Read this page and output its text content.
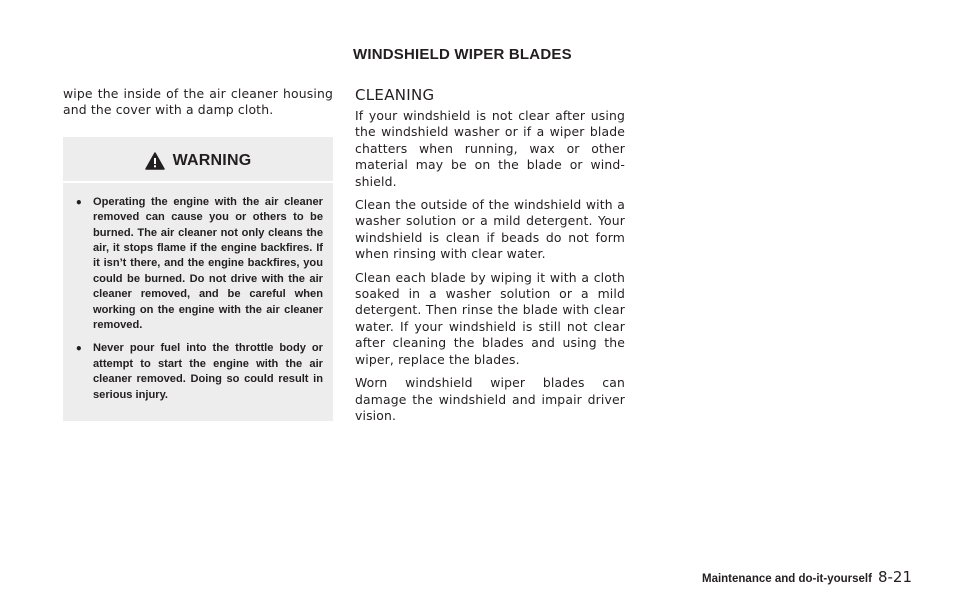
WINDSHIELD WIPER BLADES

wipe the inside of the air cleaner housing and the cover with a damp cloth.

WARNING
• Operating the engine with the air cleaner removed can cause you or others to be burned. The air cleaner not only cleans the air, it stops flame if the engine backfires. If it isn’t there, and the engine backfires, you could be burned. Do not drive with the air cleaner removed, and be careful when working on the engine with the air cleaner removed.
• Never pour fuel into the throttle body or attempt to start the engine with the air cleaner removed. Doing so could result in serious injury.
CLEANING

If your windshield is not clear after using the windshield washer or if a wiper blade chatters when running, wax or other material may be on the blade or wind-shield.

Clean the outside of the windshield with a washer solution or a mild detergent. Your windshield is clean if beads do not form when rinsing with clear water.

Clean each blade by wiping it with a cloth soaked in a washer solution or a mild detergent. Then rinse the blade with clear water. If your windshield is still not clear after cleaning the blades and using the wiper, replace the blades.

Worn windshield wiper blades can damage the windshield and impair driver vision.

Maintenance and do-it-yourself 8-21
